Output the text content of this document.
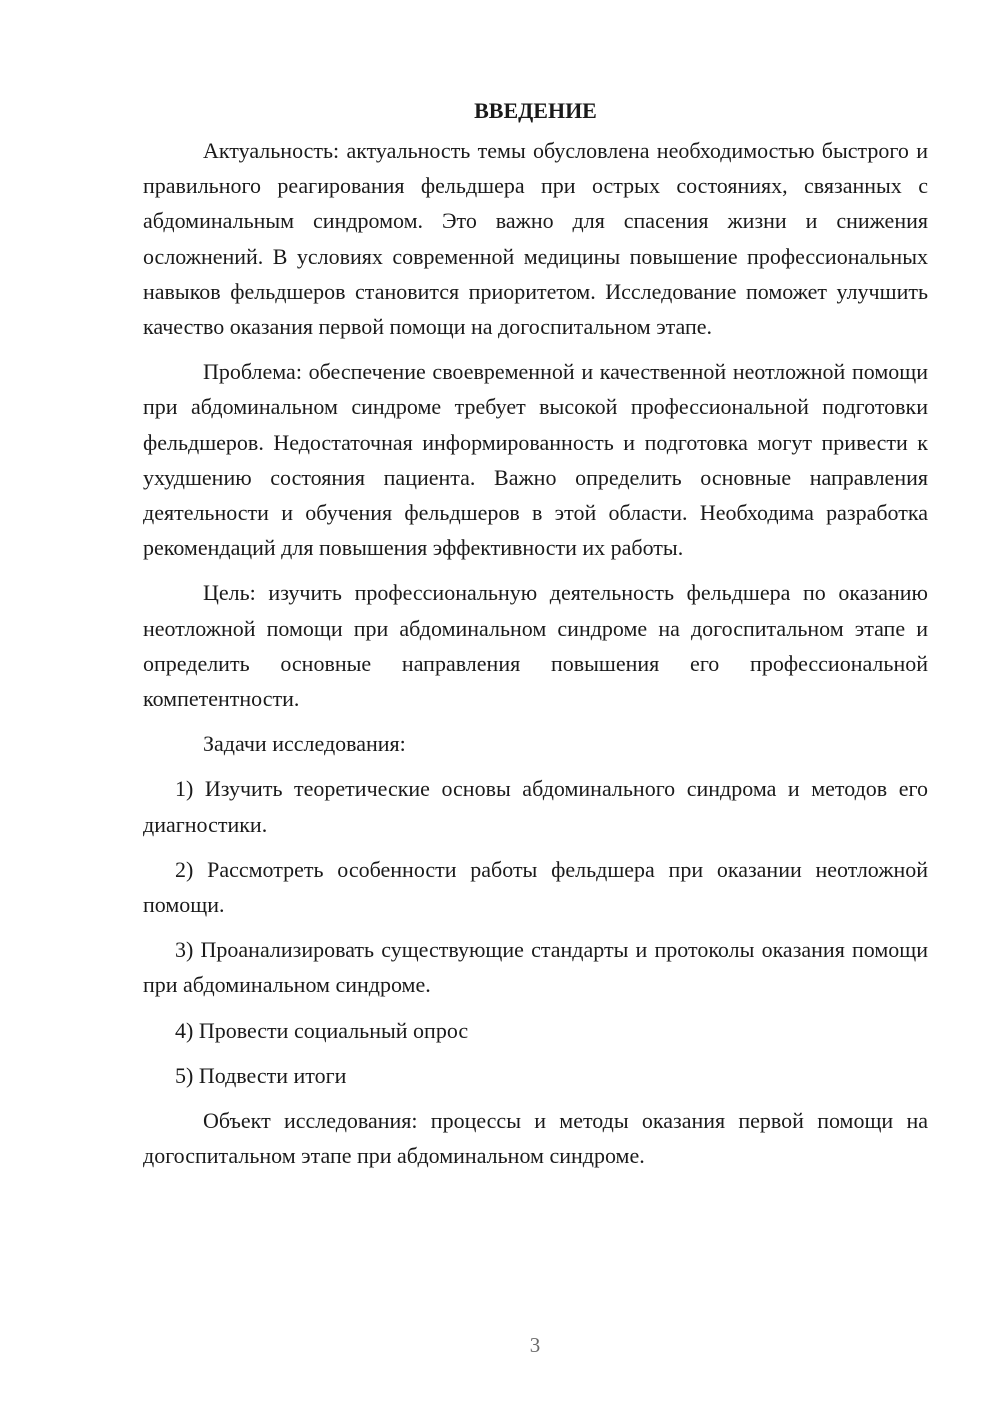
ВВЕДЕНИЕ

Актуальность: актуальность темы обусловлена необходимостью быстрого и правильного реагирования фельдшера при острых состояниях, связанных с абдоминальным синдромом. Это важно для спасения жизни и снижения осложнений. В условиях современной медицины повышение профессиональных навыков фельдшеров становится приоритетом. Исследование поможет улучшить качество оказания первой помощи на догоспитальном этапе.

Проблема: обеспечение своевременной и качественной неотложной помощи при абдоминальном синдроме требует высокой профессиональной подготовки фельдшеров. Недостаточная информированность и подготовка могут привести к ухудшению состояния пациента. Важно определить основные направления деятельности и обучения фельдшеров в этой области. Необходима разработка рекомендаций для повышения эффективности их работы.

Цель: изучить профессиональную деятельность фельдшера по оказанию неотложной помощи при абдоминальном синдроме на догоспитальном этапе и определить основные направления повышения его профессиональной компетентности.

Задачи исследования:

1) Изучить теоретические основы абдоминального синдрома и методов его диагностики.

2) Рассмотреть особенности работы фельдшера при оказании неотложной помощи.

3) Проанализировать существующие стандарты и протоколы оказания помощи при абдоминальном синдроме.

4) Провести социальный опрос

5) Подвести итоги

Объект исследования: процессы и методы оказания первой помощи на догоспитальном этапе при абдоминальном синдроме.

3
